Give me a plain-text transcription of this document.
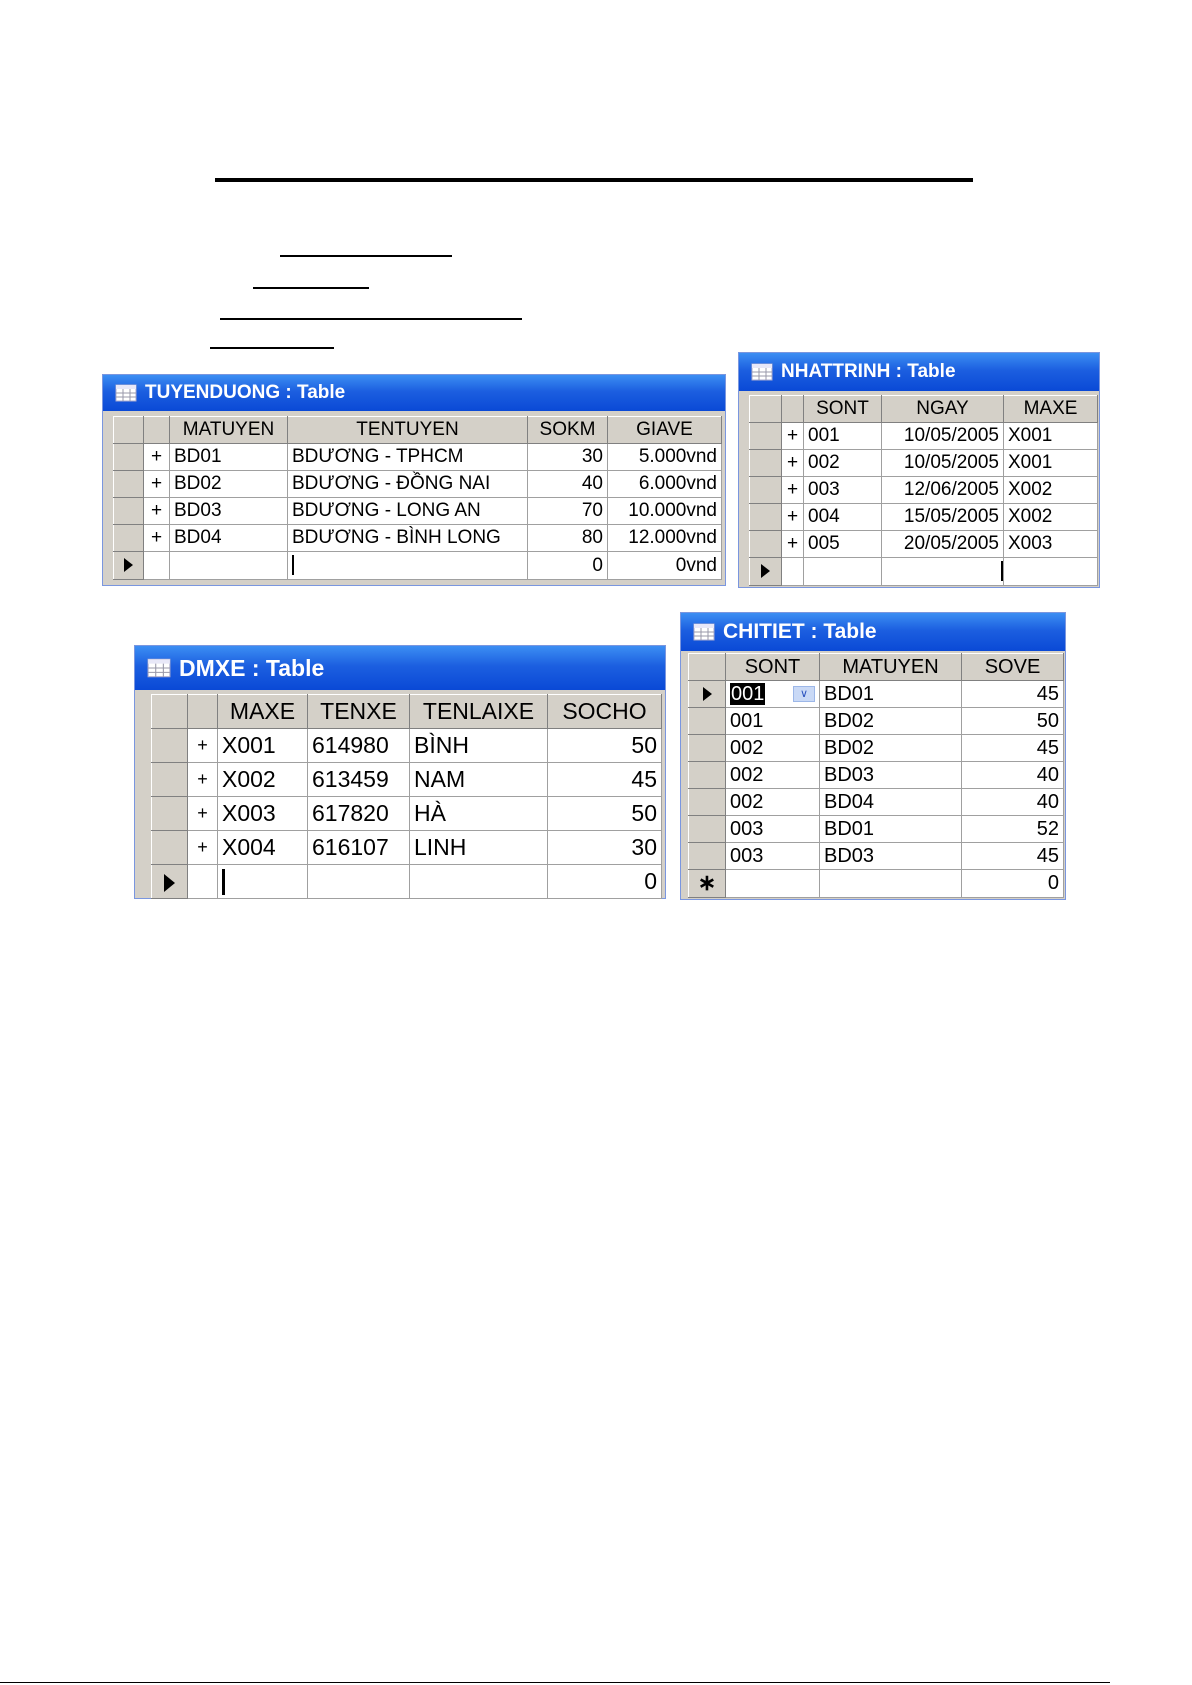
TUYENDUONG : Table
		MATUYEN	TENTUYEN	SOKM	GIAVE
	+	BD01	BDƯƠNG - TPHCM	30	5.000vnd
	+	BD02	BDƯƠNG - ĐỒNG NAI	40	6.000vnd
	+	BD03	BDƯƠNG - LONG AN	70	10.000vnd
	+	BD04	BDƯƠNG - BÌNH LONG	80	12.000vnd
				0	0vnd
NHATTRINH : Table
		SONT	NGAY	MAXE
	+	001	10/05/2005	X001
	+	002	10/05/2005	X001
	+	003	12/06/2005	X002
	+	004	15/05/2005	X002
	+	005	20/05/2005	X003

DMXE : Table
		MAXE	TENXE	TENLAIXE	SOCHO
	+	X001	614980	BÌNH	50
	+	X002	613459	NAM	45
	+	X003	617820	HÀ	50
	+	X004	616107	LINH	30
					0
CHITIET : Table
	SONT	MATUYEN	SOVE
	001 ∨	BD01	45
	001	BD02	50
	002	BD02	45
	002	BD03	40
	002	BD04	40
	003	BD01	52
	003	BD03	45
∗			0
